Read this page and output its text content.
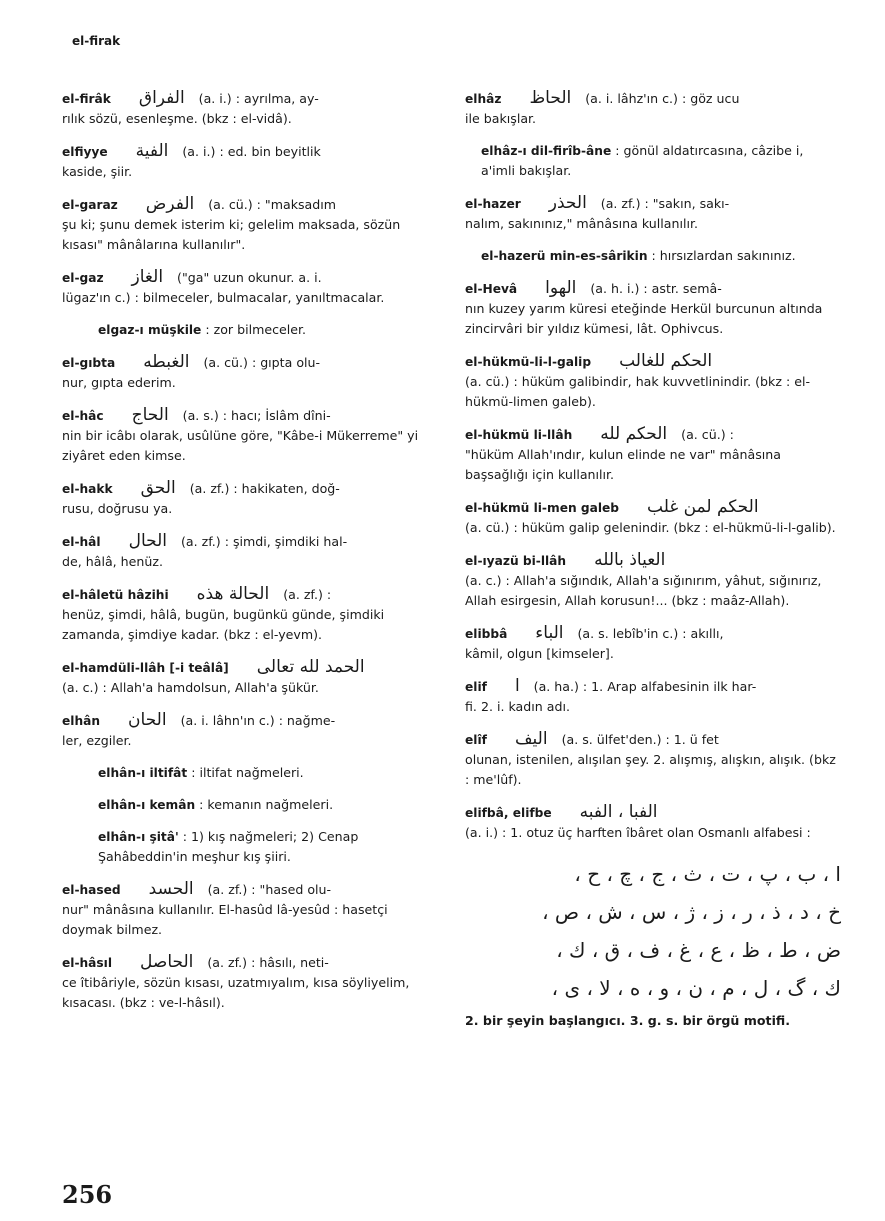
el-firak
el-firâk الفراق (a. i.) : ayrılma, ay-
rılık sözü, esenleşme. (bkz : el-vidâ).
elfiyye الفية (a. i.) : ed. bin beyitlik
kaside, şiir.
el-garaz الفرض (a. cü.) : "maksadım
şu ki; şunu demek isterim ki; gelelim maksada, sözün kısası" mânâlarına kullanılır".
el-gaz الغاز ("ga" uzun okunur. a. i.
lügaz'ın c.) : bilmeceler, bulmacalar, yanıltmacalar.
elgaz-ı müşkile : zor bilmeceler.
el-gıbta الغبطه (a. cü.) : gıpta olu-
nur, gıpta ederim.
el-hâc الحاج (a. s.) : hacı; İslâm dîni-
nin bir icâbı olarak, usûlüne göre, "Kâbe-i Mükerreme" yi ziyâret eden kimse.
el-hakk الحق (a. zf.) : hakikaten, doğ-
rusu, doğrusu ya.
el-hâl الحال (a. zf.) : şimdi, şimdiki hal-
de, hâlâ, henüz.
el-hâletü hâzihi الحالة هذه (a. zf.) :
henüz, şimdi, hâlâ, bugün, bugünkü günde, şimdiki zamanda, şimdiye kadar. (bkz : el-yevm).
el-hamdüli-llâh [-i teâlâ] الحمد لله تعالى
(a. c.) : Allah'a hamdolsun, Allah'a şükür.
elhân الحان (a. i. lâhn'ın c.) : nağme-
ler, ezgiler.
elhân-ı iltifât : iltifat nağmeleri.
elhân-ı kemân : kemanın nağmeleri.
elhân-ı şitâ' : 1) kış nağmeleri; 2) Cenap Şahâbeddin'in meşhur kış şiiri.
el-hased الحسد (a. zf.) : "hased olu-
nur" mânâsına kullanılır. El-hasûd lâ-yesûd : hasetçi doymak bilmez.
el-hâsıl الحاصل (a. zf.) : hâsılı, neti-
ce îtibâriyle, sözün kısası, uzatmıyalım, kısa söyliyelim, kısacası. (bkz : ve-l-hâsıl).
elhâz الحاظ (a. i. lâhz'ın c.) : göz ucu
ile bakışlar.
elhâz-ı dil-firîb-âne : gönül aldatırcasına, câzibe i, a'imli bakışlar.
el-hazer الحذر (a. zf.) : "sakın, sakı-
nalım, sakınınız," mânâsına kullanılır.
el-hazerü min-es-sârikin : hırsızlardan sakınınız.
el-Hevâ الهوا (a. h. i.) : astr. semâ-
nın kuzey yarım küresi eteğinde Herkül burcunun altında zincirvâri bir yıldız kümesi, lât. Ophivcus.
el-hükmü-li-l-galip الحكم للغالب
(a. cü.) : hüküm galibindir, hak kuvvetlinindir. (bkz : el-hükmü-limen galeb).
el-hükmü li-llâh الحكم لله (a. cü.) :
"hüküm Allah'ındır, kulun elinde ne var" mânâsına başsağlığı için kullanılır.
el-hükmü li-men galeb الحكم لمن غلب
(a. cü.) : hüküm galip gelenindir. (bkz : el-hükmü-li-l-galib).
el-ıyazü bi-llâh العياذ بالله
(a. c.) : Allah'a sığındık, Allah'a sığınırım, yâhut, sığınırız, Allah esirgesin, Allah korusun!... (bkz : maâz-Allah).
elibbâ الباء (a. s. lebîb'in c.) : akıllı,
kâmil, olgun [kimseler].
elif ا (a. ha.) : 1. Arap alfabesinin ilk har-
fi. 2. i. kadın adı.
elîf اليف (a. s. ülfet'den.) : 1. ü fet
olunan, istenilen, alışılan şey. 2. alışmış, alışkın, alışık. (bkz : me'lûf).
elifbâ, elifbe الفبا ، الفبه
(a. i.) : 1. otuz üç harften îbâret olan Osmanlı alfabesi :
ا ، ب ، پ ، ت ، ث ، ج ، چ ، ح ،
خ ، د ، ذ ، ر ، ز ، ژ ، س ، ش ، ص ،
ض ، ط ، ظ ، ع ، غ ، ف ، ق ، ك ،
ك ، گ ، ل ، م ، ن ، و ، ه ، لا ، ى ،
2. bir şeyin başlangıcı. 3. g. s. bir örgü motifi.
256
